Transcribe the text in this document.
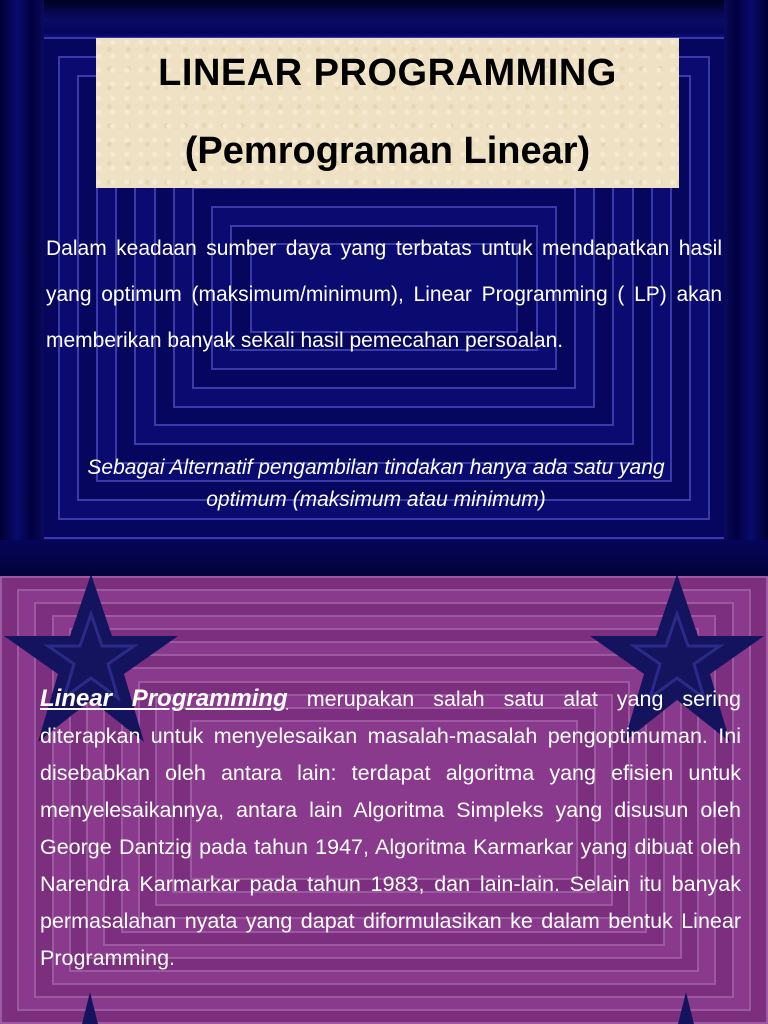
LINEAR PROGRAMMING
(Pemrograman Linear)
Dalam keadaan sumber daya yang terbatas untuk mendapatkan hasil yang optimum (maksimum/minimum), Linear Programming ( LP) akan memberikan banyak sekali hasil pemecahan persoalan.
Sebagai Alternatif pengambilan tindakan hanya ada satu yang optimum (maksimum atau minimum)
Linear Programming merupakan salah satu alat yang sering diterapkan untuk menyelesaikan masalah-masalah pengoptimuman. Ini disebabkan oleh antara lain: terdapat algoritma yang efisien untuk menyelesaikannya, antara lain Algoritma Simpleks yang disusun oleh George Dantzig pada tahun 1947, Algoritma Karmarkar yang dibuat oleh Narendra Karmarkar pada tahun 1983, dan lain-lain. Selain itu banyak permasalahan nyata yang dapat diformulasikan ke dalam bentuk Linear Programming.
